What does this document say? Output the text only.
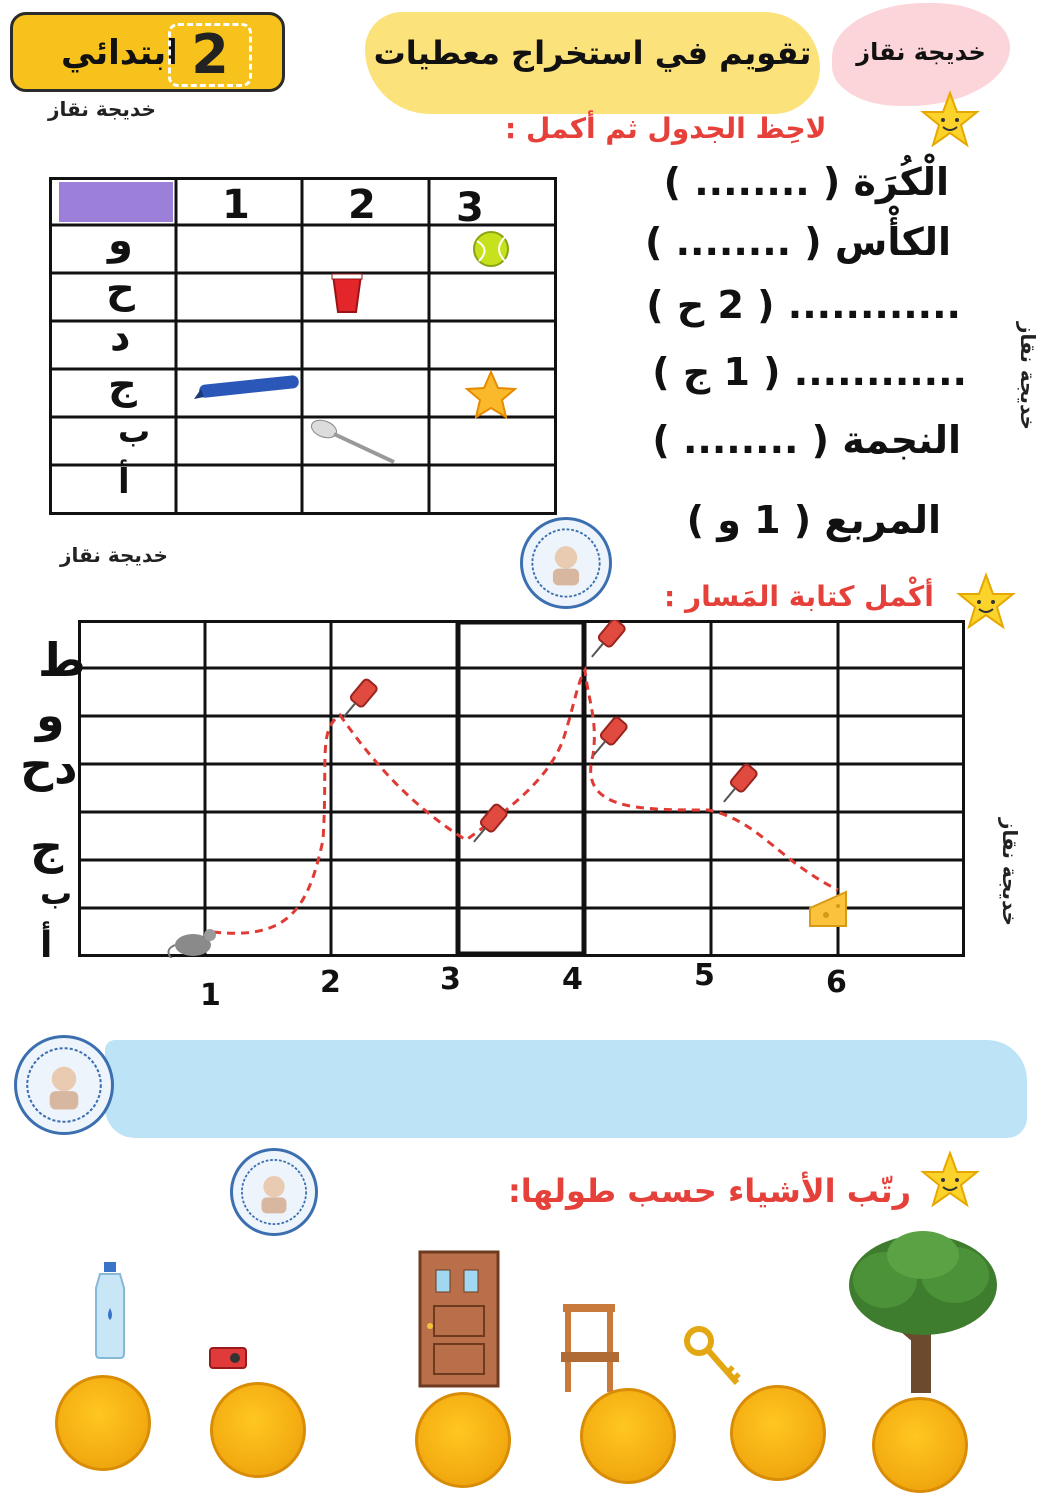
ابتدائي 2	تقويم في استخراج معطيات	خديجة نقاز
خديجة نقاز
لاحِظ الجدول ثم أكمل :
1 2 3
و
ح
د
ج
ب
أ
الْكُرَة ( ........ )
الكأْس ( ........ )
............ ( 2 ح )
............ ( 1 ج )
النجمة ( ........ )
المربع ( 1 و )
خديجة نقاز
خديجة نقاز
أكْمل كتابة المَسار :
ط
و
ح د
ج
ب
أ
1	2	3	4	5	6
خديجة نقاز
رتّب الأشياء حسب طولها:
